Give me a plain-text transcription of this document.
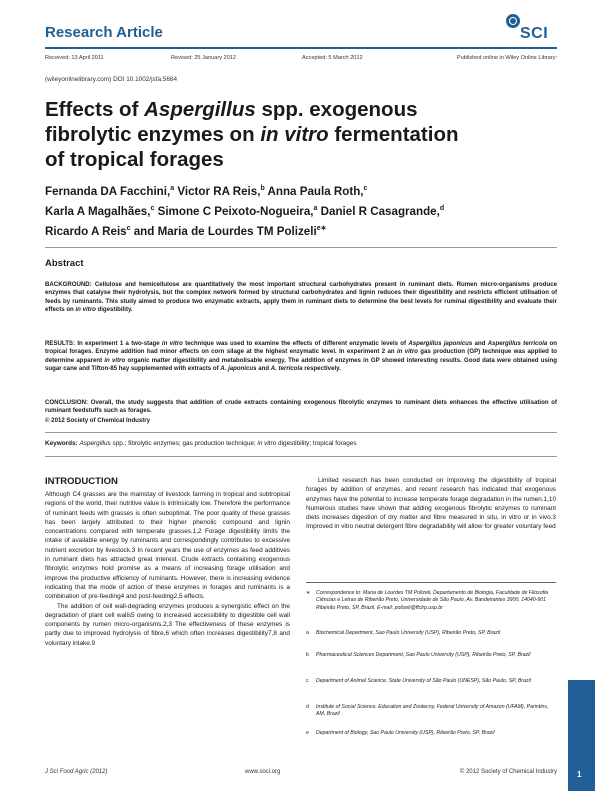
Research Article	SCI
Received: 13 April 2011	Revised: 25 January 2012	Accepted: 5 March 2012	Published online in Wiley Online Library:
(wileyonlinelibrary.com) DOI 10.1002/jsfa.5684
Effects of Aspergillus spp. exogenous fibrolytic enzymes on in vitro fermentation of tropical forages
Fernanda DA Facchini,$^a$ Victor RA Reis,$^b$ Anna Paula Roth,$^c$
Karla A Magalhães,$^c$ Simone C Peixoto-Nogueira,$^a$ Daniel R Casagrande,$^d$
Ricardo A Reis$^c$ and Maria de Lourdes TM Polizeli$^{e∗}$
Abstract
BACKGROUND: Cellulose and hemicellulose are quantitatively the most important structural carbohydrates present in ruminant diets. Rumen micro-organisms produce enzymes that catalyse their hydrolysis, but the complex network formed by structural carbohydrates and lignin reduces their digestibility and restricts efficient utilisation of feeds by ruminants. This study aimed to produce two enzymatic extracts, apply them in ruminant diets to determine the best levels for ruminal digestibility and evaluate their effects on in vitro digestibility.
RESULTS: In experiment 1 a two-stage in vitro technique was used to examine the effects of different enzymatic levels of Aspergillus japonicus and Aspergillus terricola on tropical forages. Enzyme addition had minor effects on corn silage at the highest enzymatic level. In experiment 2 an in vitro gas production (GP) technique was applied to determine apparent in vitro organic matter digestibility and metabolisable energy. The addition of enzymes in GP showed interesting results. Good data were obtained using sugar cane and Tifton-85 hay supplemented with extracts of A. japonicus and A. terricola respectively.
CONCLUSION: Overall, the study suggests that addition of crude extracts containing exogenous fibrolytic enzymes to ruminant diets enhances the effective utilisation of ruminant feedstuffs such as forages.
© 2012 Society of Chemical Industry
Keywords: Aspergillus spp.; fibrolytic enzymes; gas production technique; in vitro digestibility; tropical forages
INTRODUCTION

Although C4 grasses are the mainstay of livestock farming in tropical and subtropical regions of the world, their nutritive value is intrinsically low. Therefore the performance of ruminant feeds with grasses is often suboptimal. The poor quality of these grasses has been largely attributed to their higher phenolic compound and lignin concentrations compared with temperate grasses.1,2 Forage digestibility limits the intake of available energy by ruminants and correspondingly contributes to excessive nutrient excretion by livestock.3 In recent years the use of enzymes as feed additives in ruminant diets has attracted great interest. Crude extracts containing exogenous fibrolytic enzymes hold promise as a means of increasing forage utilisation and improve the productive efficiency of ruminants. However, there is increasing evidence indicating that the mode of action of these enzymes in forages and ruminants is a combination of pre-feeding4 and post-feeding2,5 effects.

The addition of cell wall-degrading enzymes produces a synergistic effect on the degradation of plant cell walls5 owing to increased accessibility to digestible cell wall components by rumen micro-organisms.2,3 The effectiveness of these enzymes is partly due to improved hydrolysis of fibre,6 which often increases digestibility7,8 and voluntary intake.9

Limited research has been conducted on improving the digestibility of tropical forages by addition of enzymes, and recent research has indicated that exogenous enzymes have the potential to increase temperate forage degradation in the rumen.1,10 Numerous studies have shown that adding exogenous fibrolytic enzymes to ruminant diets increases digestion of dry matter and fibre measured in situ, in vitro or in vivo.3 Improved in vitro neutral detergent fibre degradability will allow for greater voluntary feed

∗ Correspondence to: Maria de Lourdes TM Polizeli, Departamento de Biologia, Faculdade de Filosofia Ciências e Letras de Ribeirão Preto, Universidade de São Paulo, Av. Bandeirantes 3900, 14040-901 Ribeirão Preto, SP, Brazil. E-mail: polizeli@ffclrp.usp.br
a Biochemical Department, Sao Paulo University (USP), Ribeirão Preto, SP, Brazil
b Pharmaceutical Sciences Department, Sao Paulo University (USP), Ribeirão Preto, SP, Brazil
c Department of Animal Science, State University of São Paulo (UNESP), São Paulo, SP, Brazil
d Institute of Social Science, Education and Zootecny, Federal University of Amazon (UFAM), Parintins, AM, Brazil
e Department of Biology, Sao Paulo University (USP), Ribeirão Preto, SP, Brazil
1
J Sci Food Agric (2012)	www.soci.org	© 2012 Society of Chemical Industry
